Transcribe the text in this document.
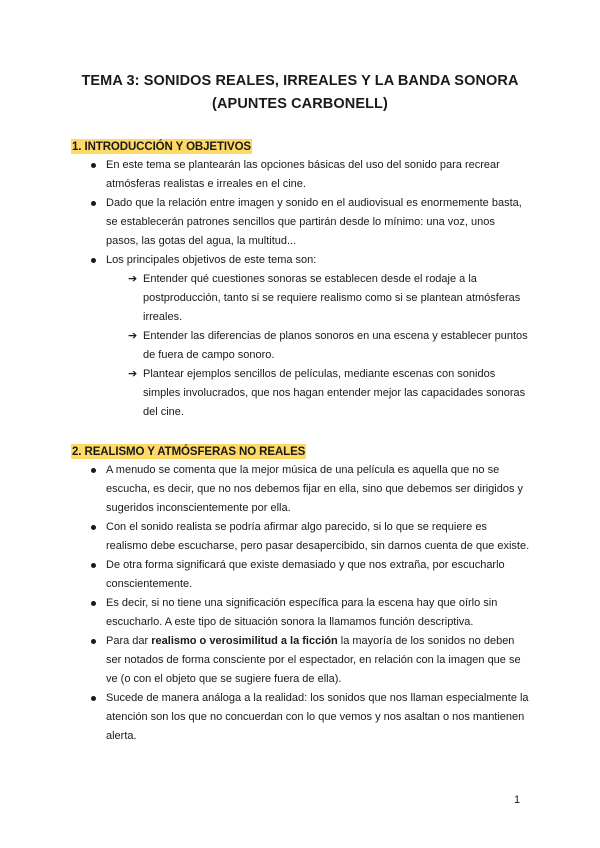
TEMA 3: SONIDOS REALES, IRREALES Y LA BANDA SONORA
(APUNTES CARBONELL)
1. INTRODUCCIÓN Y OBJETIVOS
En este tema se plantearán las opciones básicas del uso del sonido para recrear atmósferas realistas e irreales en el cine.
Dado que la relación entre imagen y sonido en el audiovisual es enormemente basta, se establecerán patrones sencillos que partirán desde lo mínimo: una voz, unos pasos, las gotas del agua, la multitud...
Los principales objetivos de este tema son:
➔ Entender qué cuestiones sonoras se establecen desde el rodaje a la postproducción, tanto si se requiere realismo como si se plantean atmósferas irreales.
➔ Entender las diferencias de planos sonoros en una escena y establecer puntos de fuera de campo sonoro.
➔ Plantear ejemplos sencillos de películas, mediante escenas con sonidos simples involucrados, que nos hagan entender mejor las capacidades sonoras del cine.
2. REALISMO Y ATMÓSFERAS NO REALES
A menudo se comenta que la mejor música de una película es aquella que no se escucha, es decir, que no nos debemos fijar en ella, sino que debemos ser dirigidos y sugeridos inconscientemente por ella.
Con el sonido realista se podría afirmar algo parecido, si lo que se requiere es realismo debe escucharse, pero pasar desapercibido, sin darnos cuenta de que existe.
De otra forma significará que existe demasiado y que nos extraña, por escucharlo conscientemente.
Es decir, si no tiene una significación específica para la escena hay que oírlo sin escucharlo. A este tipo de situación sonora la llamamos función descriptiva.
Para dar realismo o verosimilitud a la ficción la mayoría de los sonidos no deben ser notados de forma consciente por el espectador, en relación con la imagen que se ve (o con el objeto que se sugiere fuera de ella).
Sucede de manera análoga a la realidad: los sonidos que nos llaman especialmente la atención son los que no concuerdan con lo que vemos y nos asaltan o nos mantienen alerta.
1
